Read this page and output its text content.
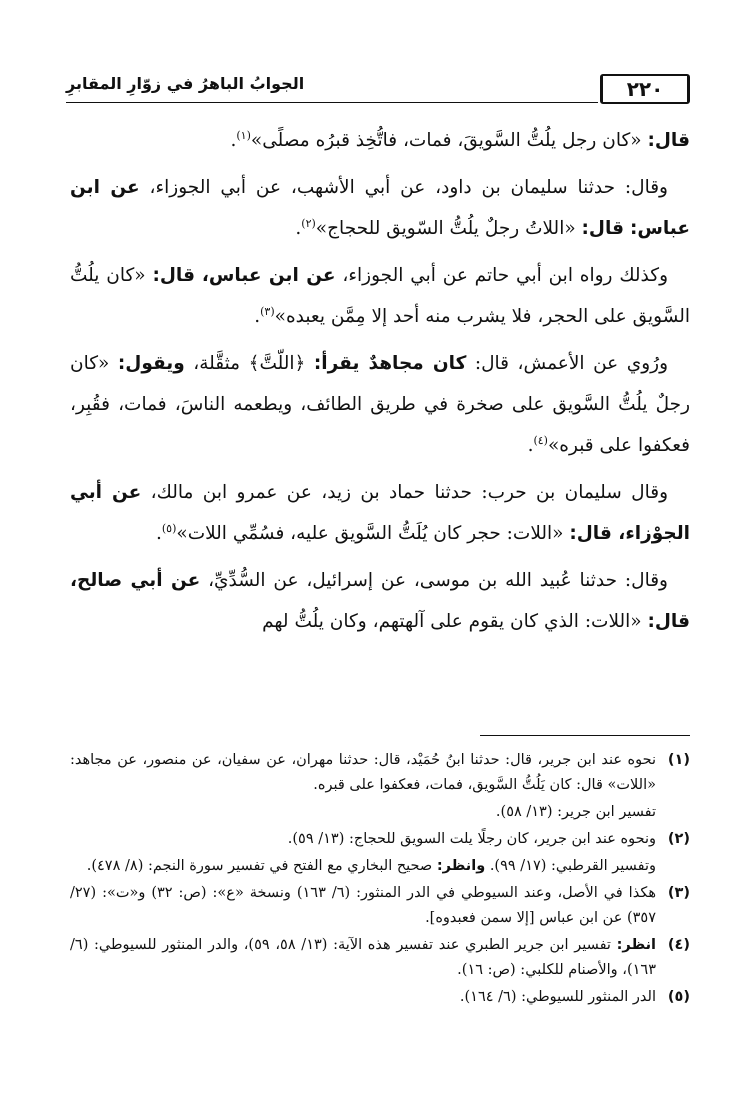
٢٢٠
الجوابُ الباهرُ في زوّارِ المقابرِ

قال: «كان رجل يلُتُّ السَّويقَ، فمات، فاتُّخِذ قبرُه مصلًى»$^{(١)}$.

وقال: حدثنا سليمان بن داود، عن أبي الأشهب، عن أبي الجوزاء، عن ابن عباس: قال: «اللاتُ رجلٌ يلُتُّ السّويق للحجاج»$^{(٢)}$.

وكذلك رواه ابن أبي حاتم عن أبي الجوزاء، عن ابن عباس، قال: «كان يلُتُّ السَّويق على الحجر، فلا يشرب منه أحد إلا مِمَّن يعبده»$^{(٣)}$.

ورُوي عن الأعمش، قال: كان مجاهدٌ يقرأ: ﴿اللّتَّ﴾ مثقَّلة، ويقول: «كان رجلٌ يلُتُّ السَّويق على صخرة في طريق الطائف، ويطعمه الناسَ، فمات، فقُبِر، فعكفوا على قبره»$^{(٤)}$.

وقال سليمان بن حرب: حدثنا حماد بن زيد، عن عمرو ابن مالك، عن أبي الجوْزاء، قال: «اللات: حجر كان يُلَتُّ السَّويق عليه، فسُمِّي اللات»$^{(٥)}$.

وقال: حدثنا عُبيد الله بن موسى، عن إسرائيل، عن السُّدِّيِّ، عن أبي صالح، قال: «اللات: الذي كان يقوم على آلهتهم، وكان يلُتُّ لهم

(١)
نحوه عند ابن جرير، قال: حدثنا ابنُ حُمَيْد، قال: حدثنا مهران، عن سفيان، عن منصور، عن مجاهد: «اللات» قال: كان يَلُتُّ السَّويق، فمات، فعكفوا على قبره.
تفسير ابن جرير: (١٣/ ٥٨).
(٢)
ونحوه عند ابن جرير، كان رجلًا يلت السويق للحجاج: (١٣/ ٥٩).
وتفسير القرطبي: (١٧/ ٩٩). وانظر: صحيح البخاري مع الفتح في تفسير سورة النجم: (٨/ ٤٧٨).
(٣)
هكذا في الأصل، وعند السيوطي في الدر المنثور: (٦/ ١٦٣) ونسخة «ع»: (ص: ٣٢) و«ت»: (٢٧/ ٣٥٧) عن ابن عباس [إلا سمن فعبدوه].
(٤)
انظر: تفسير ابن جرير الطبري عند تفسير هذه الآية: (١٣/ ٥٨، ٥٩)، والدر المنثور للسيوطي: (٦/ ١٦٣)، والأصنام للكلبي: (ص: ١٦).
(٥)
الدر المنثور للسيوطي: (٦/ ١٦٤).
